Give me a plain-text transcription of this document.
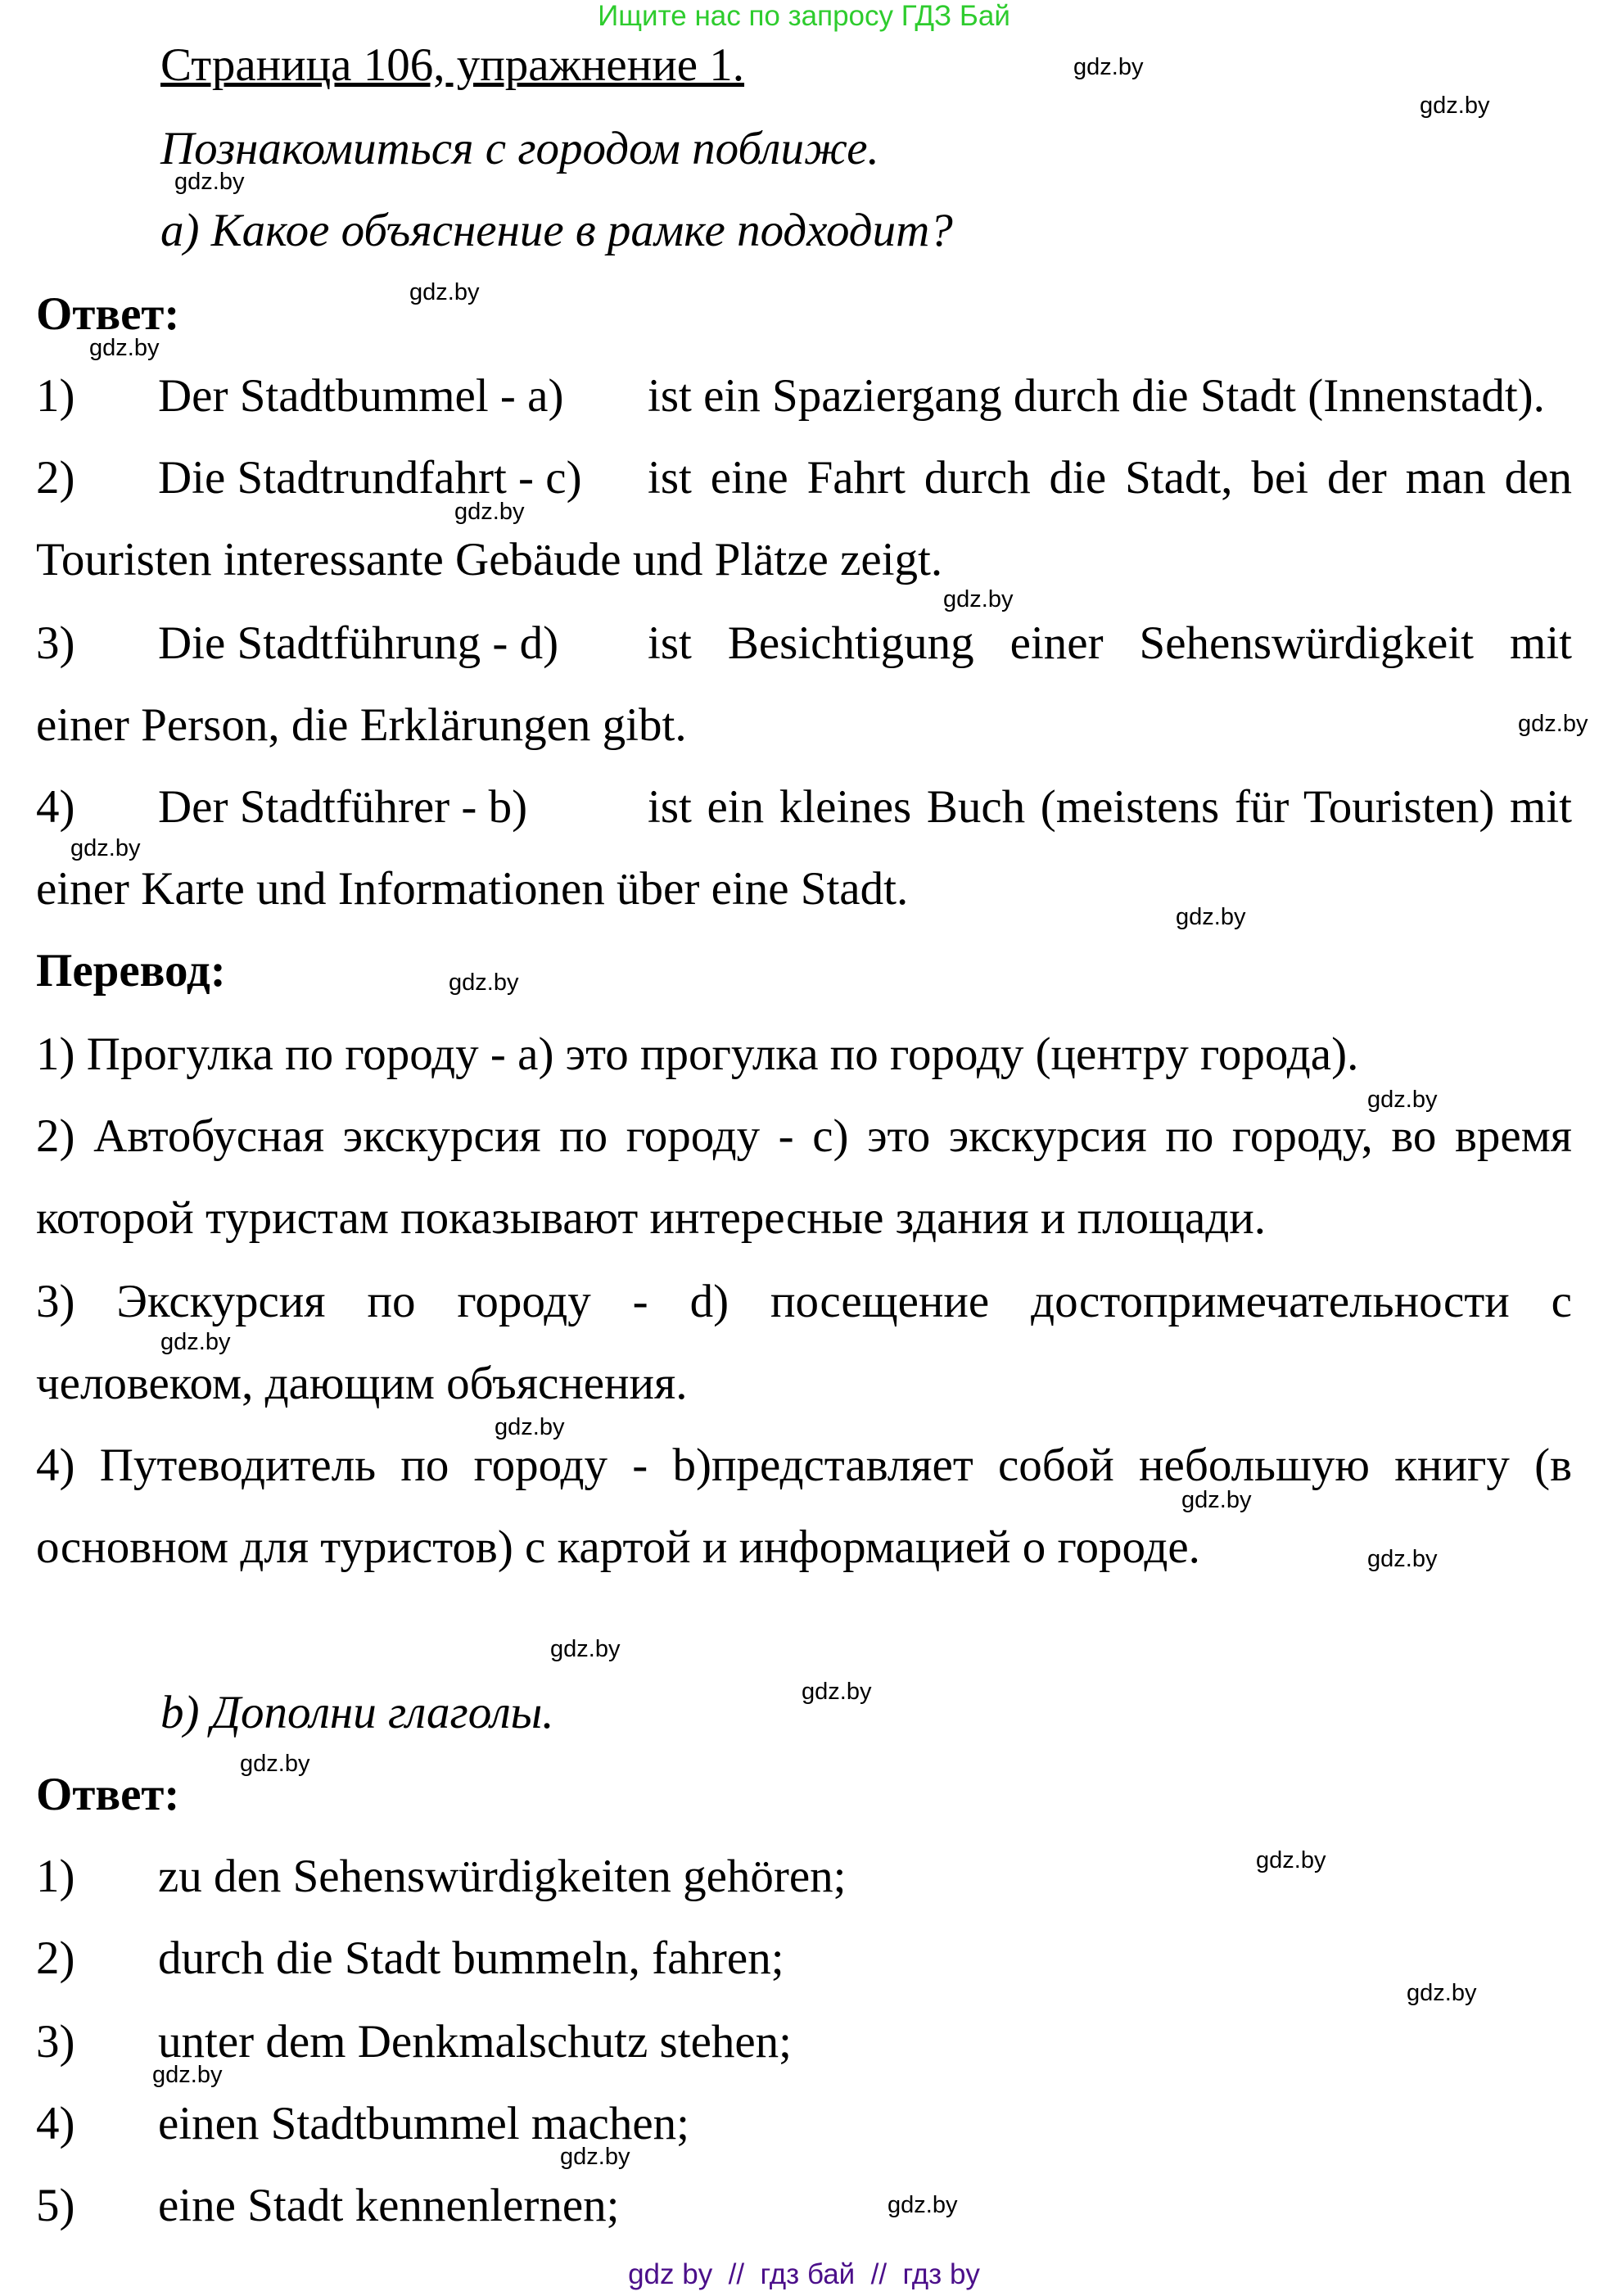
Ищите нас по запросу ГДЗ Бай
Страница 106, упражнение 1.
Познакомиться с городом поближе.
а) Какое объяснение в рамке подходит?
Ответ:
1) Der Stadtbummel - a) ist ein Spaziergang durch die Stadt (Innenstadt).
2) Die Stadtrundfahrt - c) ist eine Fahrt durch die Stadt, bei der man den
Touristen interessante Gebäude und Plätze zeigt.
3) Die Stadtführung - d) ist Besichtigung einer Sehenswürdigkeit mit
einer Person, die Erklärungen gibt.
4) Der Stadtführer - b)	ist ein kleines Buch (meistens für Touristen) mit
einer Karte und Informationen über eine Stadt.
Перевод:
1) Прогулка по городу - а) это прогулка по городу (центру города).
2) Автобусная экскурсия по городу - с) это экскурсия по городу, во время
которой туристам показывают интересные здания и площади.
3) Экскурсия по городу - d) посещение достопримечательности с
человеком, дающим объяснения.
4) Путеводитель по городу - b)представляет собой небольшую книгу (в
основном для туристов) с картой и информацией о городе.
b) Дополни глаголы.
Ответ:
1) zu den Sehenswürdigkeiten gehören;
2) durch die Stadt bummeln, fahren;
3) unter dem Denkmalschutz stehen;
4) einen Stadtbummel machen;
5) eine Stadt kennenlernen;
gdz.by
gdz.by
gdz.by
gdz.by
gdz.by
gdz.by
gdz.by
gdz.by
gdz.by
gdz.by
gdz.by
gdz.by
gdz.by
gdz.by
gdz.by
gdz.by
gdz.by
gdz.by
gdz.by
gdz.by
gdz.by
gdz.by
gdz.by
gdz.by
gdz by  //  гдз бай  //  гдз by
